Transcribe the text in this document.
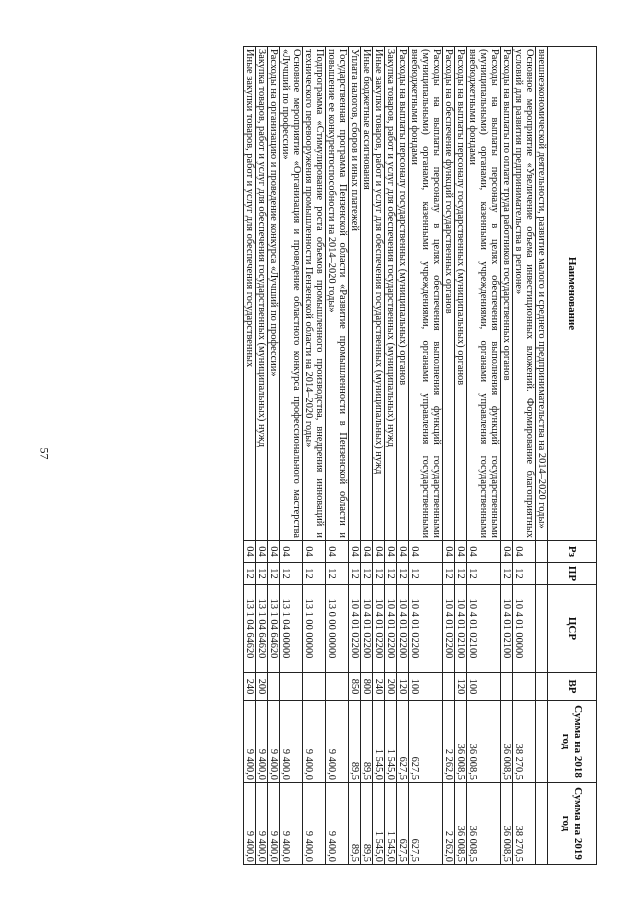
57
Наименование	Рз	ПР	ЦСР	ВР	Сумма на 2018 год	Сумма на 2019 год
внешнеэкономической деятельности, развитие малого и среднего предпринимательства на 2014–2020 годы»						
Основное мероприятие «Увеличение объема инвестиционных вложений. Формирование благоприятных условий для развития предпринимательства в регионе»	04	12	10 4 01 00000		38 270,5	38 270,5
Расходы на выплаты по оплате труда работников государственных органов	04	12	10 4 01 02100		36 008,5	36 008,5
Расходы на выплаты персоналу в целях обеспечения выполнения функций государственными (муниципальными) органами, казенными учреждениями, органами управления государственными внебюджетными фондами	04	12	10 4 01 02100	100	36 008,5	36 008,5
Расходы на выплаты персоналу государственных (муниципальных) органов	04	12	10 4 01 02100	120	36 008,5	36 008,5
Расходы на обеспечение функций государственных органов	04	12	10 4 01 02200		2 262,0	2 262,0
Расходы на выплаты персоналу в целях обеспечения выполнения функций государственными (муниципальными) органами, казенными учреждениями, органами управления государственными внебюджетными фондами	04	12	10 4 01 02200	100	627,5	627,5
Расходы на выплаты персоналу государственных (муниципальных) органов	04	12	10 4 01 02200	120	627,5	627,5
Закупка товаров, работ и услуг для обеспечения государственных (муниципальных) нужд	04	12	10 4 01 02200	200	1 545,0	1 545,0
Иные закупки товаров, работ и услуг для обеспечения государственных (муниципальных) нужд	04	12	10 4 01 02200	240	1 545,0	1 545,0
Иные бюджетные ассигнования	04	12	10 4 01 02200	800	89,5	89,5
Уплата налогов, сборов и иных платежей	04	12	10 4 01 02200	850	89,5	89,5
Государственная программа Пензенской области «Развитие промышленности в Пензенской области и повышение ее конкурентоспособности на 2014–2020 годы»	04	12	13 0 00 00000		9 400,0	9 400,0
Подпрограмма «Стимулирование роста объемов промышленного производства, внедрения инноваций и технического перевооружения промышленности Пензенской области на 2014–2020 годы»	04	12	13 1 00 00000		9 400,0	9 400,0
Основное мероприятие «Организация и проведение областного конкурса профессионального мастерства «Лучший по профессии»	04	12	13 1 04 00000		9 400,0	9 400,0
Расходы на организацию и проведение конкурса «Лучший по профессии»	04	12	13 1 04 64620		9 400,0	9 400,0
Закупка товаров, работ и услуг для обеспечения государственных (муниципальных) нужд	04	12	13 1 04 64620	200	9 400,0	9 400,0
Иные закупки товаров, работ и услуг для обеспечения государственных	04	12	13 1 04 64620	240	9 400,0	9 400,0
